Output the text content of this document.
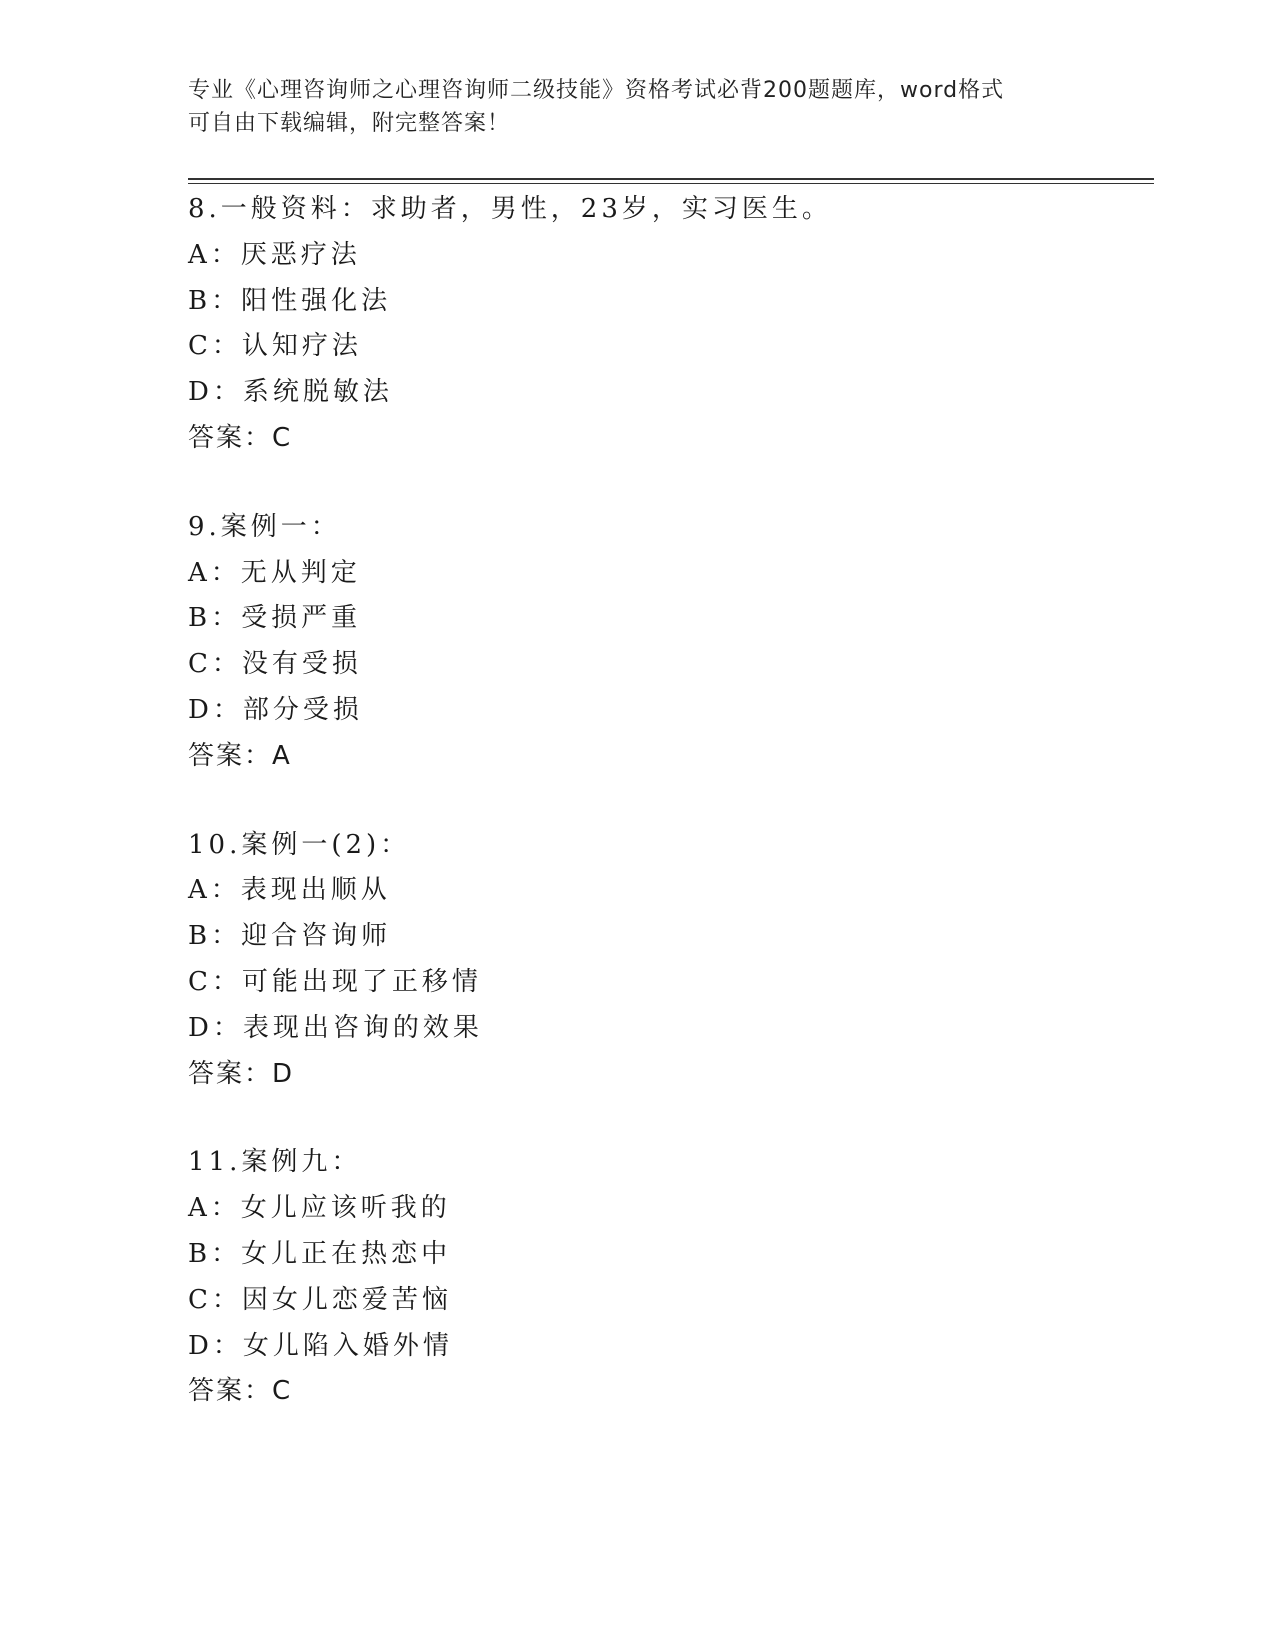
专业《心理咨询师之心理咨询师二级技能》资格考试必背200题题库，word格式

可自由下载编辑，附完整答案！

8.一般资料：求助者，男性，23岁，实习医生。
A：厌恶疗法
B：阳性强化法
C：认知疗法
D：系统脱敏法
答案：C
9.案例一：
A：无从判定
B：受损严重
C：没有受损
D：部分受损
答案：A
10.案例一(2)：
A：表现出顺从
B：迎合咨询师
C：可能出现了正移情
D：表现出咨询的效果
答案：D
11.案例九：
A：女儿应该听我的
B：女儿正在热恋中
C：因女儿恋爱苦恼
D：女儿陷入婚外情
答案：C
